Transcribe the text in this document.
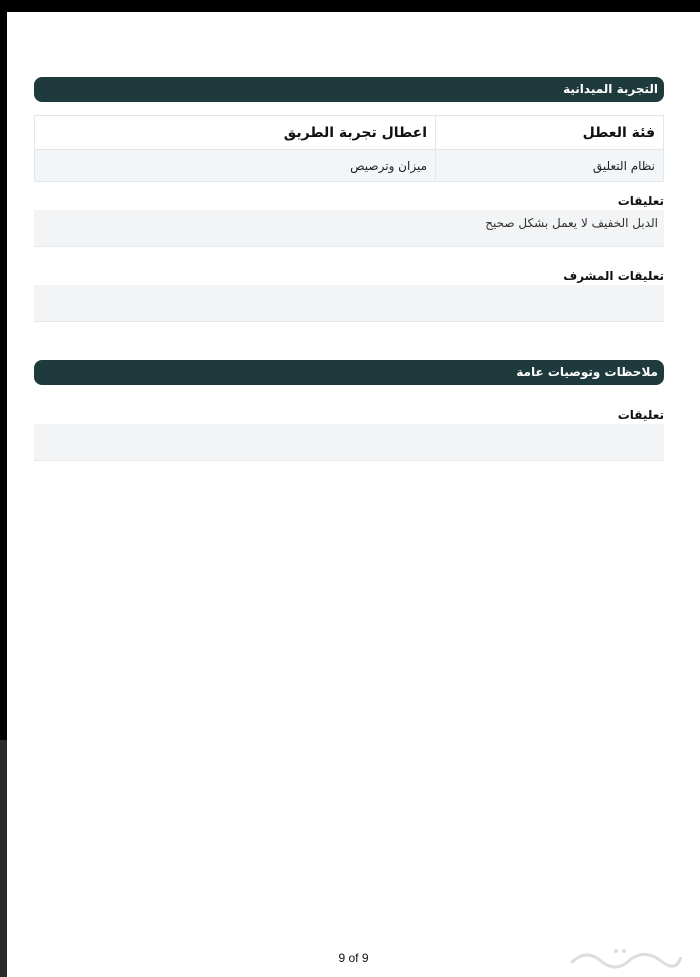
التجربة الميدانية
فئة العطل	اعطال تجربة الطريق
نظام التعليق	ميزان وترصيص
تعليقات
الدبل الخفيف لا يعمل بشكل صحيح
تعليقات المشرف
ملاحظات وتوصيات عامة
تعليقات
9 of 9
